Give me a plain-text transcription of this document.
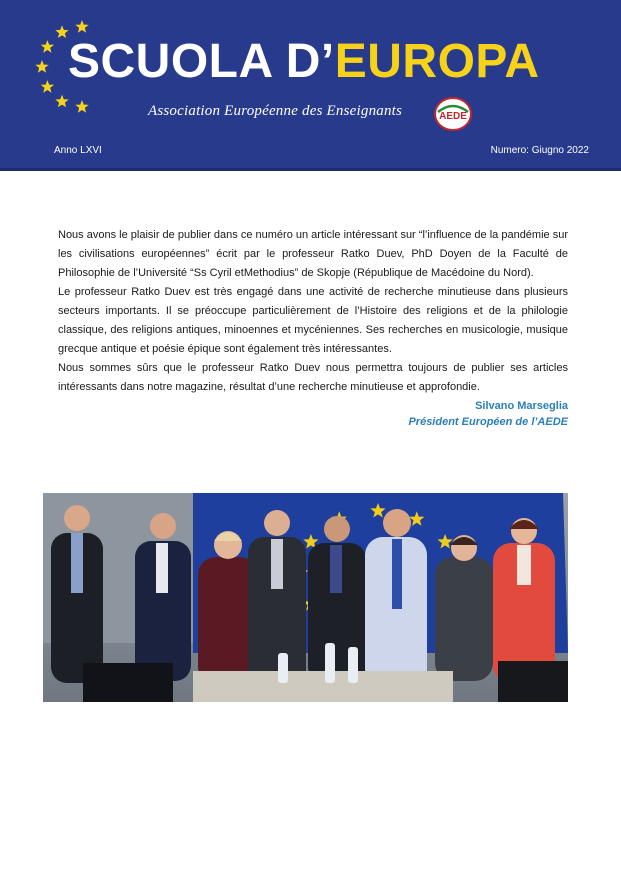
SCUOLA D’EUROPA
Association Européenne des Enseignants	AEDE
Anno LXVI	Numero: Giugno 2022

Nous avons le plaisir de publier dans ce numéro un article intéressant sur “l’influence de la pandémie sur les civilisations européennes” écrit par le professeur Ratko Duev, PhD Doyen de la Faculté de Philosophie de l’Université “Ss Cyril etMethodius” de Skopje (République de Macédoine du Nord).

Le professeur Ratko Duev est très engagé dans une activité de recherche minutieuse dans plusieurs secteurs importants. Il se préoccupe particulièrement de l’Histoire des religions et de la philologie classique, des religions antiques, minoennes et mycéniennes. Ses recherches en musicologie, musique grecque antique et poésie épique sont également très intéressantes.

Nous sommes sûrs que le professeur Ratko Duev nous permettra toujours de publier ses articles intéressants dans notre magazine, résultat d’une recherche minutieuse et approfondie.

Silvano Marseglia
Président Européen de l’AEDE
